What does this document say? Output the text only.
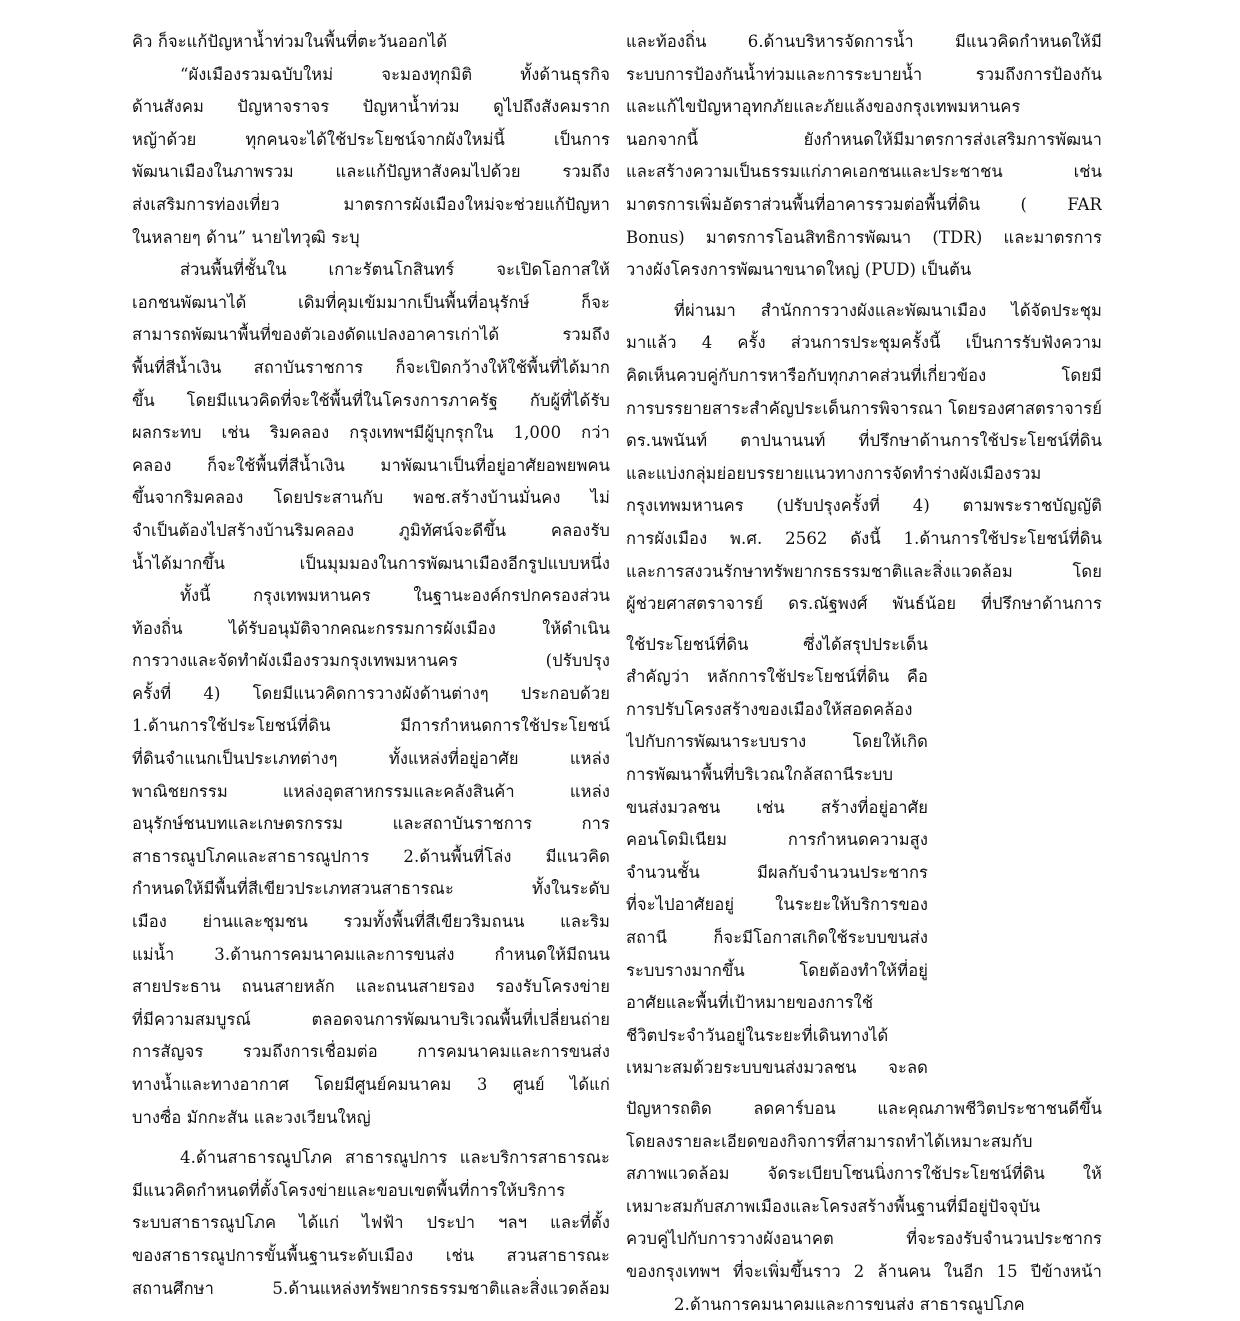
คิว ก็จะแก้ปัญหาน้ำท่วมในพื้นที่ตะวันออกได้
“ผังเมืองรวมฉบับใหม่ จะมองทุกมิติ ทั้งด้านธุรกิจ
ด้านสังคม ปัญหาจราจร ปัญหาน้ำท่วม ดูไปถึงสังคมราก
หญ้าด้วย ทุกคนจะได้ใช้ประโยชน์จากผังใหม่นี้ เป็นการ
พัฒนาเมืองในภาพรวม และแก้ปัญหาสังคมไปด้วย รวมถึง
ส่งเสริมการท่องเที่ยว มาตรการผังเมืองใหม่จะช่วยแก้ปัญหา
ในหลายๆ ด้าน” นายไทวุฒิ ระบุ
ส่วนพื้นที่ชั้นใน เกาะรัตนโกสินทร์ จะเปิดโอกาสให้
เอกชนพัฒนาได้ เดิมที่คุมเข้มมากเป็นพื้นที่อนุรักษ์ ก็จะ
สามารถพัฒนาพื้นที่ของตัวเองดัดแปลงอาคารเก่าได้ รวมถึง
พื้นที่สีน้ำเงิน สถาบันราชการ ก็จะเปิดกว้างให้ใช้พื้นที่ได้มาก
ขึ้น โดยมีแนวคิดที่จะใช้พื้นที่ในโครงการภาครัฐ กับผู้ที่ได้รับ
ผลกระทบ เช่น ริมคลอง กรุงเทพฯมีผู้บุกรุกใน 1,000 กว่า
คลอง ก็จะใช้พื้นที่สีน้ำเงิน มาพัฒนาเป็นที่อยู่อาศัยอพยพคน
ขึ้นจากริมคลอง โดยประสานกับ พอช.สร้างบ้านมั่นคง ไม่
จำเป็นต้องไปสร้างบ้านริมคลอง ภูมิทัศน์จะดีขึ้น คลองรับ
น้ำได้มากขึ้น เป็นมุมมองในการพัฒนาเมืองอีกรูปแบบหนึ่ง
ทั้งนี้ กรุงเทพมหานคร ในฐานะองค์กรปกครองส่วน
ท้องถิ่น ได้รับอนุมัติจากคณะกรรมการผังเมือง ให้ดำเนิน
การวางและจัดทำผังเมืองรวมกรุงเทพมหานคร (ปรับปรุง
ครั้งที่ 4) โดยมีแนวคิดการวางผังด้านต่างๆ ประกอบด้วย
1.ด้านการใช้ประโยชน์ที่ดิน มีการกำหนดการใช้ประโยชน์
ที่ดินจำแนกเป็นประเภทต่างๆ ทั้งแหล่งที่อยู่อาศัย แหล่ง
พาณิชยกรรม แหล่งอุตสาหกรรมและคลังสินค้า แหล่ง
อนุรักษ์ชนบทและเกษตรกรรม และสถาบันราชการ การ
สาธารณูปโภคและสาธารณูปการ 2.ด้านพื้นที่โล่ง มีแนวคิด
กำหนดให้มีพื้นที่สีเขียวประเภทสวนสาธารณะ ทั้งในระดับ
เมือง ย่านและชุมชน รวมทั้งพื้นที่สีเขียวริมถนน และริม
แม่น้ำ 3.ด้านการคมนาคมและการขนส่ง กำหนดให้มีถนน
สายประธาน ถนนสายหลัก และถนนสายรอง รองรับโครงข่าย
ที่มีความสมบูรณ์ ตลอดจนการพัฒนาบริเวณพื้นที่เปลี่ยนถ่าย
การสัญจร รวมถึงการเชื่อมต่อ การคมนาคมและการขนส่ง
ทางน้ำและทางอากาศ โดยมีศูนย์คมนาคม 3 ศูนย์ ได้แก่
บางซื่อ มักกะสัน และวงเวียนใหญ่
4.ด้านสาธารณูปโภค สาธารณูปการ และบริการสาธารณะ
มีแนวคิดกำหนดที่ตั้งโครงข่ายและขอบเขตพื้นที่การให้บริการ
ระบบสาธารณูปโภค ได้แก่ ไฟฟ้า ประปา ฯลฯ และที่ตั้ง
ของสาธารณูปการขั้นพื้นฐานระดับเมือง เช่น สวนสาธารณะ
สถานศึกษา 5.ด้านแหล่งทรัพยากรธรรมชาติและสิ่งแวดล้อม
และท้องถิ่น 6.ด้านบริหารจัดการน้ำ มีแนวคิดกำหนดให้มี
ระบบการป้องกันน้ำท่วมและการระบายน้ำ รวมถึงการป้องกัน
และแก้ไขปัญหาอุทกภัยและภัยแล้งของกรุงเทพมหานคร
นอกจากนี้ ยังกำหนดให้มีมาตรการส่งเสริมการพัฒนา
และสร้างความเป็นธรรมแก่ภาคเอกชนและประชาชน เช่น
มาตรการเพิ่มอัตราส่วนพื้นที่อาคารรวมต่อพื้นที่ดิน ( FAR
Bonus) มาตรการโอนสิทธิการพัฒนา (TDR) และมาตรการ
วางผังโครงการพัฒนาขนาดใหญ่ (PUD) เป็นต้น
ที่ผ่านมา สำนักการวางผังและพัฒนาเมือง ได้จัดประชุม
มาแล้ว 4 ครั้ง ส่วนการประชุมครั้งนี้ เป็นการรับฟังความ
คิดเห็นควบคู่กับการหารือกับทุกภาคส่วนที่เกี่ยวข้อง โดยมี
การบรรยายสาระสำคัญประเด็นการพิจารณา โดยรองศาสตราจารย์
ดร.นพนันท์ ตาปนานนท์ ที่ปรึกษาด้านการใช้ประโยชน์ที่ดิน
และแบ่งกลุ่มย่อยบรรยายแนวทางการจัดทำร่างผังเมืองรวม
กรุงเทพมหานคร (ปรับปรุงครั้งที่ 4) ตามพระราชบัญญัติ
การผังเมือง พ.ศ. 2562 ดังนี้ 1.ด้านการใช้ประโยชน์ที่ดิน
และการสงวนรักษาทรัพยากรธรรมชาติและสิ่งแวดล้อม โดย
ผู้ช่วยศาสตราจารย์ ดร.ณัฐพงศ์ พันธ์น้อย ที่ปรึกษาด้านการ
ใช้ประโยชน์ที่ดิน ซึ่งได้สรุปประเด็น
สำคัญว่า หลักการใช้ประโยชน์ที่ดิน คือ
การปรับโครงสร้างของเมืองให้สอดคล้อง
ไปกับการพัฒนาระบบราง โดยให้เกิด
การพัฒนาพื้นที่บริเวณใกล้สถานีระบบ
ขนส่งมวลชน เช่น สร้างที่อยู่อาศัย
คอนโดมิเนียม การกำหนดความสูง
จำนวนชั้น มีผลกับจำนวนประชากร
ที่จะไปอาศัยอยู่ ในระยะให้บริการของ
สถานี ก็จะมีโอกาสเกิดใช้ระบบขนส่ง
ระบบรางมากขึ้น โดยต้องทำให้ที่อยู่
อาศัยและพื้นที่เป้าหมายของการใช้
ชีวิตประจำวันอยู่ในระยะที่เดินทางได้
เหมาะสมด้วยระบบขนส่งมวลชน จะลด
ปัญหารถติด ลดคาร์บอน และคุณภาพชีวิตประชาชนดีขึ้น
โดยลงรายละเอียดของกิจการที่สามารถทำได้เหมาะสมกับ
สภาพแวดล้อม จัดระเบียบโซนนิ่งการใช้ประโยชน์ที่ดิน ให้
เหมาะสมกับสภาพเมืองและโครงสร้างพื้นฐานที่มีอยู่ปัจจุบัน
ควบคู่ไปกับการวางผังอนาคต ที่จะรองรับจำนวนประชากร
ของกรุงเทพฯ ที่จะเพิ่มขึ้นราว 2 ล้านคน ในอีก 15 ปีข้างหน้า
2.ด้านการคมนาคมและการขนส่ง สาธารณูปโภค
